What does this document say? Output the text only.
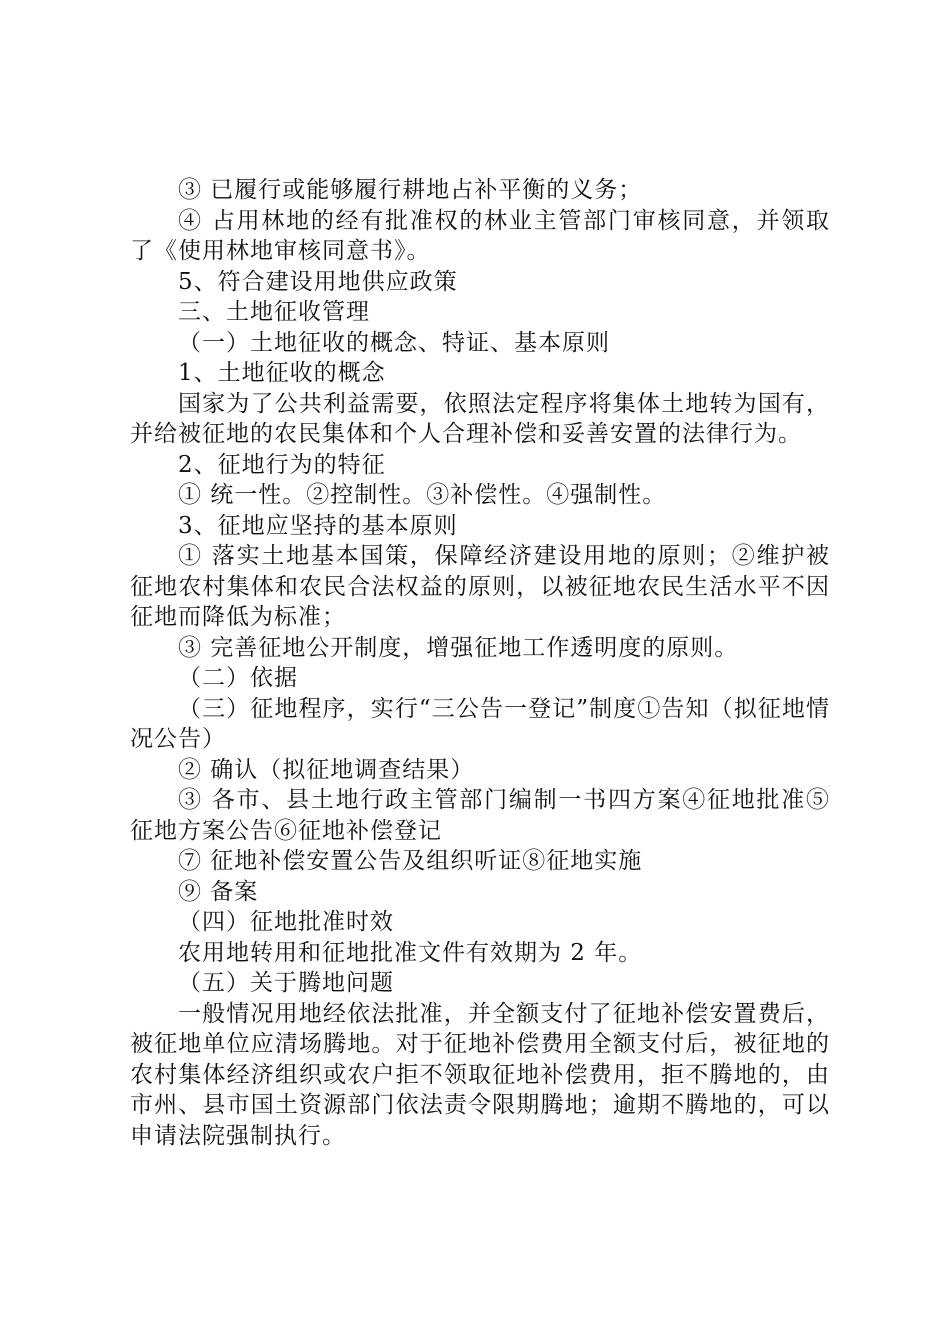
③ 已履行或能够履行耕地占补平衡的义务；

④ 占用林地的经有批准权的林业主管部门审核同意，并领取了《使用林地审核同意书》。

5、符合建设用地供应政策

三、土地征收管理

（一）土地征收的概念、特证、基本原则

1、土地征收的概念

国家为了公共利益需要，依照法定程序将集体土地转为国有，并给被征地的农民集体和个人合理补偿和妥善安置的法律行为。

2、征地行为的特征

① 统一性。②控制性。③补偿性。④强制性。

3、征地应坚持的基本原则

① 落实土地基本国策，保障经济建设用地的原则；②维护被征地农村集体和农民合法权益的原则，以被征地农民生活水平不因征地而降低为标准；

③ 完善征地公开制度，增强征地工作透明度的原则。

（二）依据

（三）征地程序，实行“三公告一登记”制度①告知（拟征地情况公告）

② 确认（拟征地调查结果）

③ 各市、县土地行政主管部门编制一书四方案④征地批准⑤征地方案公告⑥征地补偿登记

⑦ 征地补偿安置公告及组织听证⑧征地实施

⑨ 备案

（四）征地批准时效

农用地转用和征地批准文件有效期为 2 年。

（五）关于腾地问题

一般情况用地经依法批准，并全额支付了征地补偿安置费后，被征地单位应清场腾地。对于征地补偿费用全额支付后，被征地的农村集体经济组织或农户拒不领取征地补偿费用，拒不腾地的，由市州、县市国土资源部门依法责令限期腾地；逾期不腾地的，可以申请法院强制执行。
